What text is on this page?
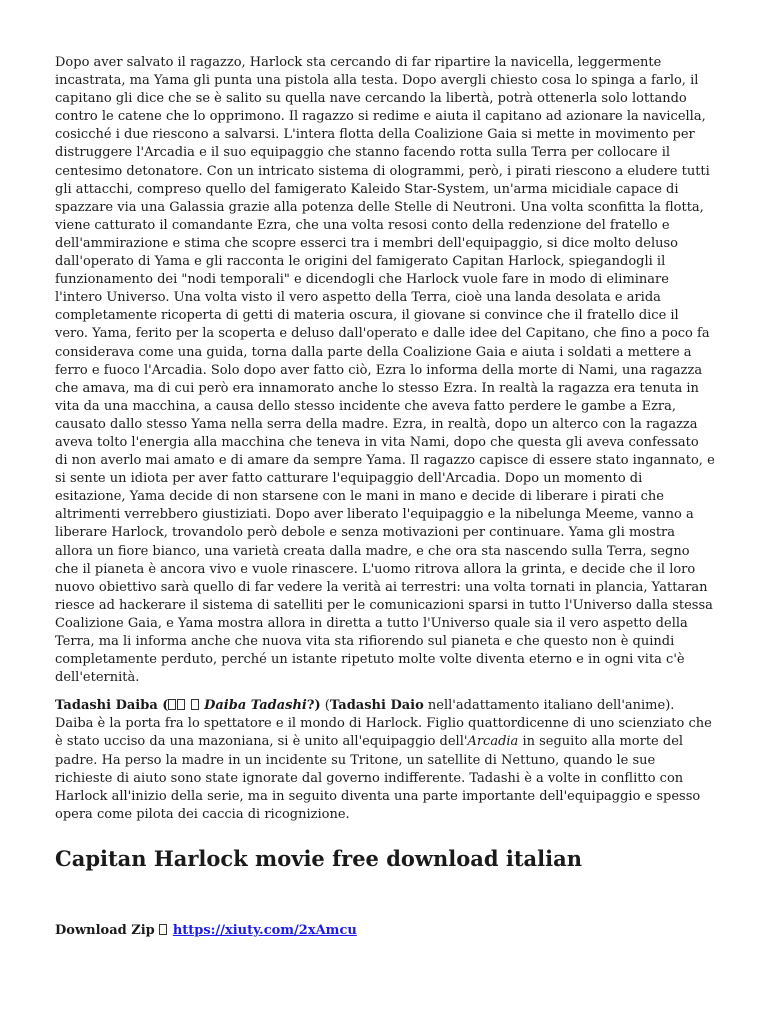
Dopo aver salvato il ragazzo, Harlock sta cercando di far ripartire la navicella, leggermente incastrata, ma Yama gli punta una pistola alla testa. Dopo avergli chiesto cosa lo spinga a farlo, il capitano gli dice che se è salito su quella nave cercando la libertà, potrà ottenerla solo lottando contro le catene che lo opprimono. Il ragazzo si redime e aiuta il capitano ad azionare la navicella, cosicché i due riescono a salvarsi. L'intera flotta della Coalizione Gaia si mette in movimento per distruggere l'Arcadia e il suo equipaggio che stanno facendo rotta sulla Terra per collocare il centesimo detonatore. Con un intricato sistema di ologrammi, però, i pirati riescono a eludere tutti gli attacchi, compreso quello del famigerato Kaleido Star-System, un'arma micidiale capace di spazzare via una Galassia grazie alla potenza delle Stelle di Neutroni. Una volta sconfitta la flotta, viene catturato il comandante Ezra, che una volta resosi conto della redenzione del fratello e dell'ammirazione e stima che scopre esserci tra i membri dell'equipaggio, si dice molto deluso dall'operato di Yama e gli racconta le origini del famigerato Capitan Harlock, spiegandogli il funzionamento dei "nodi temporali" e dicendogli che Harlock vuole fare in modo di eliminare l'intero Universo. Una volta visto il vero aspetto della Terra, cioè una landa desolata e arida completamente ricoperta di getti di materia oscura, il giovane si convince che il fratello dice il vero. Yama, ferito per la scoperta e deluso dall'operato e dalle idee del Capitano, che fino a poco fa considerava come una guida, torna dalla parte della Coalizione Gaia e aiuta i soldati a mettere a ferro e fuoco l'Arcadia. Solo dopo aver fatto ciò, Ezra lo informa della morte di Nami, una ragazza che amava, ma di cui però era innamorato anche lo stesso Ezra. In realtà la ragazza era tenuta in vita da una macchina, a causa dello stesso incidente che aveva fatto perdere le gambe a Ezra, causato dallo stesso Yama nella serra della madre. Ezra, in realtà, dopo un alterco con la ragazza aveva tolto l'energia alla macchina che teneva in vita Nami, dopo che questa gli aveva confessato di non averlo mai amato e di amare da sempre Yama. Il ragazzo capisce di essere stato ingannato, e si sente un idiota per aver fatto catturare l'equipaggio dell'Arcadia. Dopo un momento di esitazione, Yama decide di non starsene con le mani in mano e decide di liberare i pirati che altrimenti verrebbero giustiziati. Dopo aver liberato l'equipaggio e la nibelunga Meeme, vanno a liberare Harlock, trovandolo però debole e senza motivazioni per continuare. Yama gli mostra allora un fiore bianco, una varietà creata dalla madre, e che ora sta nascendo sulla Terra, segno che il pianeta è ancora vivo e vuole rinascere. L'uomo ritrova allora la grinta, e decide che il loro nuovo obiettivo sarà quello di far vedere la verità ai terrestri: una volta tornati in plancia, Yattaran riesce ad hackerare il sistema di satelliti per le comunicazioni sparsi in tutto l'Universo dalla stessa Coalizione Gaia, e Yama mostra allora in diretta a tutto l'Universo quale sia il vero aspetto della Terra, ma li informa anche che nuova vita sta rifiorendo sul pianeta e che questo non è quindi completamente perduto, perché un istante ripetuto molte volte diventa eterno e in ogni vita c'è dell'eternità.

Tadashi Daiba (  Daiba Tadashi?) (Tadashi Daio nell'adattamento italiano dell'anime). Daiba è la porta fra lo spettatore e il mondo di Harlock. Figlio quattordicenne di uno scienziato che è stato ucciso da una mazoniana, si è unito all'equipaggio dell'Arcadia in seguito alla morte del padre. Ha perso la madre in un incidente su Tritone, un satellite di Nettuno, quando le sue richieste di aiuto sono state ignorate dal governo indifferente. Tadashi è a volte in conflitto con Harlock all'inizio della serie, ma in seguito diventa una parte importante dell'equipaggio e spesso opera come pilota dei caccia di ricognizione.

Capitan Harlock movie free download italian
Download Zip  https://xiuty.com/2xAmcu
